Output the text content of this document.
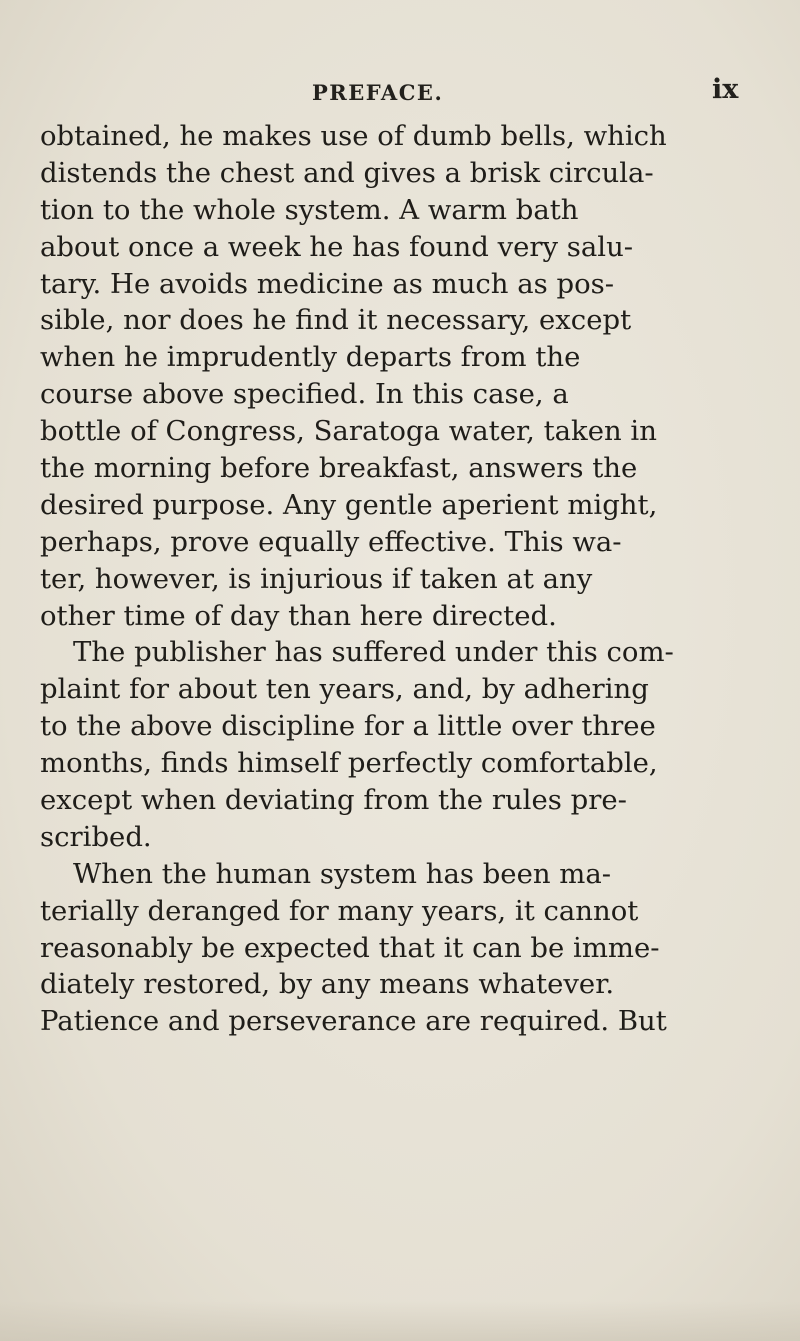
PREFACE.	ix
obtained, he makes use of dumb bells, which
distends the chest and gives a brisk circula-
tion to the whole system. A warm bath
about once a week he has found very salu-
tary. He avoids medicine as much as pos-
sible, nor does he find it necessary, except
when he imprudently departs from the
course above specified. In this case, a
bottle of Congress, Saratoga water, taken in
the morning before breakfast, answers the
desired purpose. Any gentle aperient might,
perhaps, prove equally effective. This wa-
ter, however, is injurious if taken at any
other time of day than here directed.
The publisher has suffered under this com-
plaint for about ten years, and, by adhering
to the above discipline for a little over three
months, finds himself perfectly comfortable,
except when deviating from the rules pre-
scribed.
When the human system has been ma-
terially deranged for many years, it cannot
reasonably be expected that it can be imme-
diately restored, by any means whatever.
Patience and perseverance are required. But
